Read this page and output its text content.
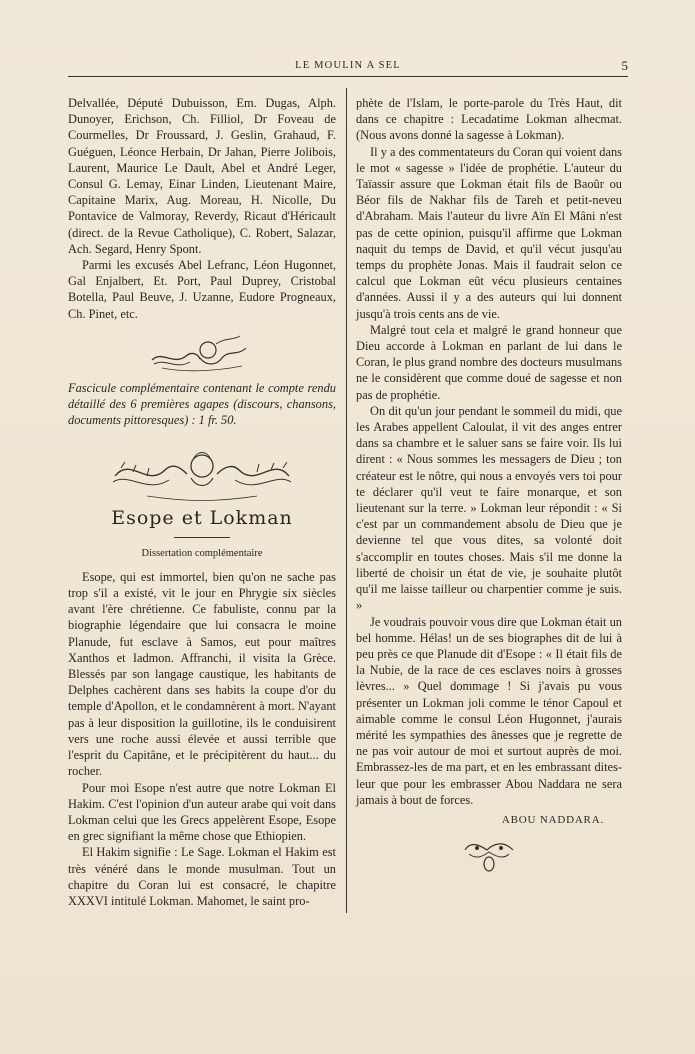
LE MOULIN A SEL	5

Delvallée, Député Dubuisson, Em. Dugas, Alph. Dunoyer, Erichson, Ch. Filliol, Dr Foveau de Courmelles, Dr Froussard, J. Geslin, Grahaud, F. Guéguen, Léonce Herbain, Dr Jahan, Pierre Jolibois, Laurent, Maurice Le Dault, Abel et André Leger, Consul G. Lemay, Einar Linden, Lieutenant Maire, Capitaine Marix, Aug. Moreau, H. Nicolle, Du Pontavice de Valmoray, Reverdy, Ricaut d'Héricault (direct. de la Revue Catholique), C. Robert, Salazar, Ach. Segard, Henry Spont.

Parmi les excusés Abel Lefranc, Léon Hugonnet, Gal Enjalbert, Et. Port, Paul Duprey, Cristobal Botella, Paul Beuve, J. Uzanne, Eudore Progneaux, Ch. Pinet, etc.

Fascicule complémentaire contenant le compte rendu détaillé des 6 premières agapes (discours, chansons, documents pittoresques) : 1 fr. 50.

Esope et Lokman
Dissertation complémentaire

Esope, qui est immortel, bien qu'on ne sache pas trop s'il a existé, vit le jour en Phrygie six siècles avant l'ère chrétienne. Ce fabuliste, connu par la biographie légendaire que lui consacra le moine Planude, fut esclave à Samos, eut pour maîtres Xanthos et Iadmon. Affranchi, il visita la Grèce. Blessés par son langage caustique, les habitants de Delphes cachèrent dans ses habits la coupe d'or du temple d'Apollon, et le condamnèrent à mort. N'ayant pas à leur disposition la guillotine, ils le conduisirent vers une roche aussi élevée et aussi terrible que l'esprit du Capitâne, et le précipitèrent du haut... du rocher.

Pour moi Esope n'est autre que notre Lokman El Hakim. C'est l'opinion d'un auteur arabe qui voit dans Lokman celui que les Grecs appelèrent Esope, Esope en grec signifiant la même chose que Ethiopien.

El Hakim signifie : Le Sage. Lokman el Hakim est très vénéré dans le monde musulman. Tout un chapitre du Coran lui est consacré, le chapitre XXXVI intitulé Lokman. Mahomet, le saint pro-

phète de l'Islam, le porte-parole du Très Haut, dit dans ce chapitre : Lecadatime Lokman alhecmat. (Nous avons donné la sagesse à Lokman).

Il y a des commentateurs du Coran qui voient dans le mot « sagesse » l'idée de prophétie. L'auteur du Taïassir assure que Lokman était fils de Baoûr ou Béor fils de Nakhar fils de Tareh et petit-neveu d'Abraham. Mais l'auteur du livre Aïn El Mâni n'est pas de cette opinion, puisqu'il affirme que Lokman naquit du temps de David, et qu'il vécut jusqu'au temps du prophète Jonas. Mais il faudrait selon ce calcul que Lokman eût vécu plusieurs centaines d'années. Aussi il y a des auteurs qui lui donnent jusqu'à trois cents ans de vie.

Malgré tout cela et malgré le grand honneur que Dieu accorde à Lokman en parlant de lui dans le Coran, le plus grand nombre des docteurs musulmans ne le considèrent que comme doué de sagesse et non pas de prophétie.

On dit qu'un jour pendant le sommeil du midi, que les Arabes appellent Caloulat, il vit des anges entrer dans sa chambre et le saluer sans se faire voir. Ils lui dirent : « Nous sommes les messagers de Dieu ; ton créateur est le nôtre, qui nous a envoyés vers toi pour te déclarer qu'il veut te faire monarque, et son lieutenant sur la terre. » Lokman leur répondit : « Si c'est par un commandement absolu de Dieu que je devienne tel que vous dites, sa volonté doit s'accomplir en toutes choses. Mais s'il me donne la liberté de choisir un état de vie, je souhaite plutôt qu'il me laisse tailleur ou charpentier comme je suis. »

Je voudrais pouvoir vous dire que Lokman était un bel homme. Hélas! un de ses biographes dit de lui à peu près ce que Planude dit d'Esope : « Il était fils de la Nubie, de la race de ces esclaves noirs à grosses lèvres... » Quel dommage ! Si j'avais pu vous présenter un Lokman joli comme le ténor Capoul et aimable comme le consul Léon Hugonnet, j'aurais mérité les sympathies des ânesses que je regrette de ne pas voir autour de moi et surtout auprès de moi. Embrassez-les de ma part, et en les embrassant dites-leur que pour les embrasser Abou Naddara ne sera jamais à bout de forces.

ABOU NADDARA.
